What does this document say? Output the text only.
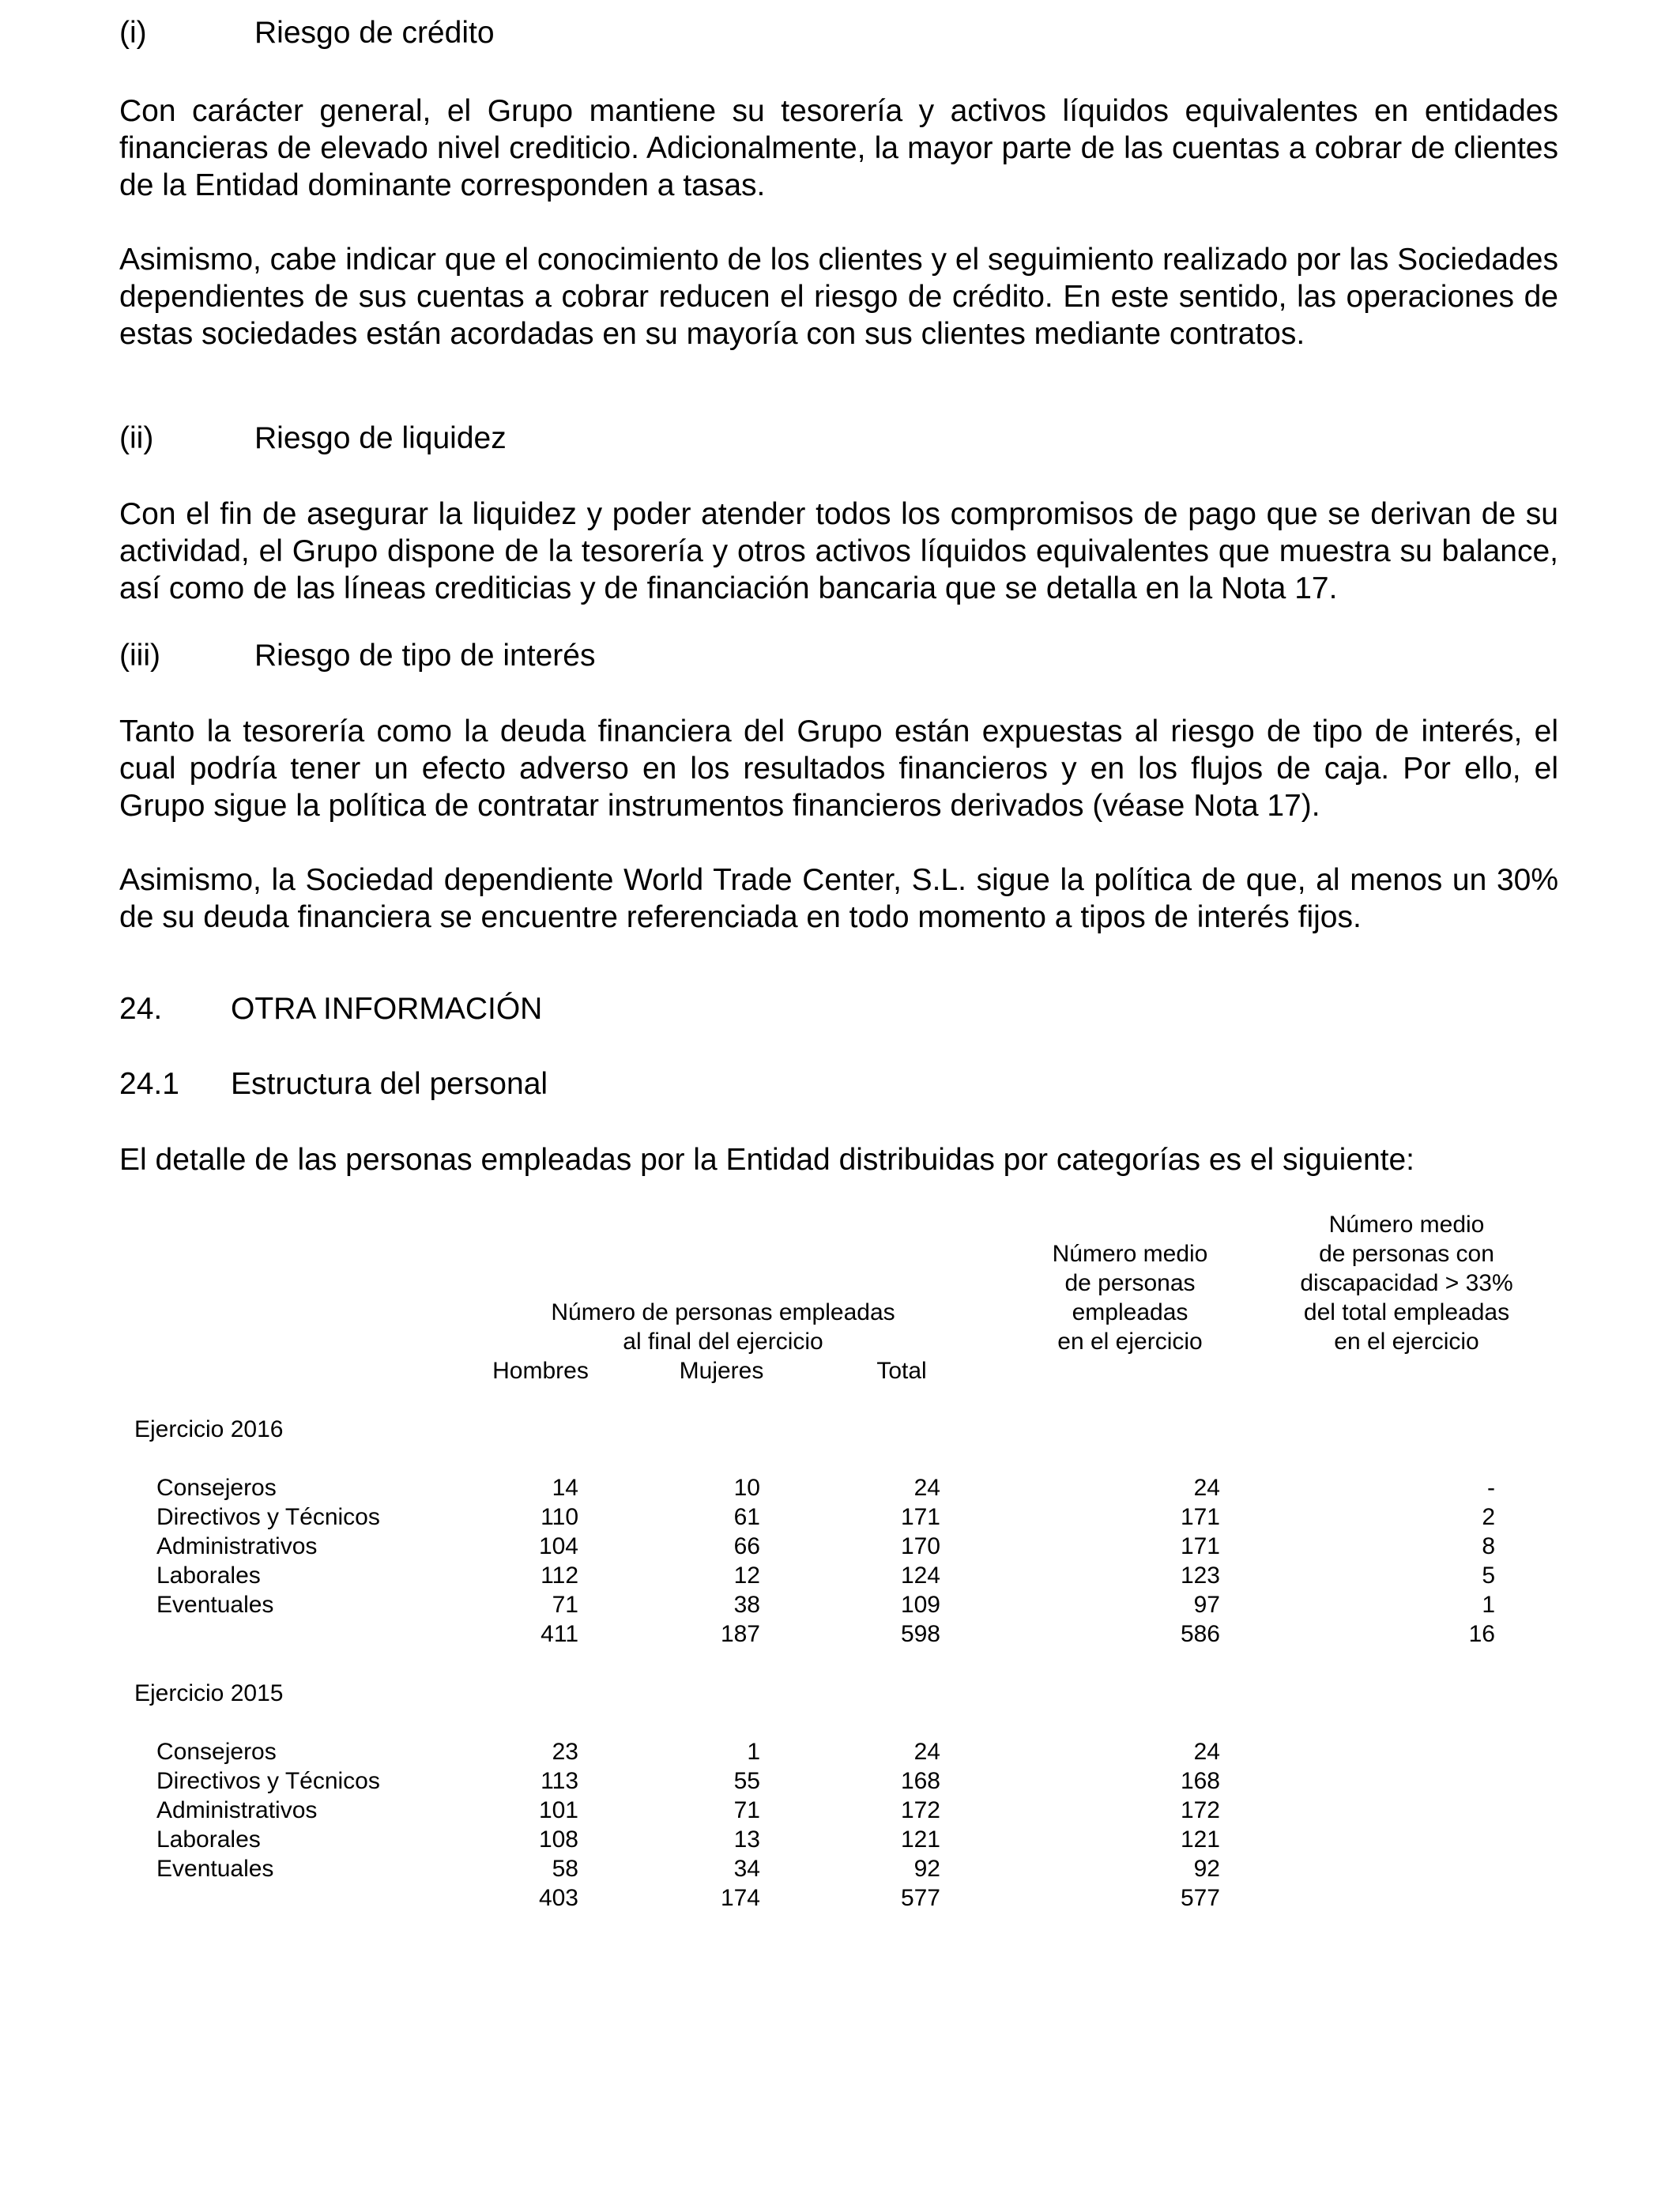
(i)	Riesgo de crédito
Con carácter general, el Grupo mantiene su tesorería y activos líquidos equivalentes en entidades financieras de elevado nivel crediticio. Adicionalmente, la mayor parte de las cuentas a cobrar de clientes de la Entidad dominante corresponden a tasas.
Asimismo, cabe indicar que el conocimiento de los clientes y el seguimiento realizado por las Sociedades dependientes de sus cuentas a cobrar reducen el riesgo de crédito. En este sentido, las operaciones de estas sociedades están acordadas en su mayoría con sus clientes mediante contratos.
(ii)	Riesgo de liquidez
Con el fin de asegurar la liquidez y poder atender todos los compromisos de pago que se derivan de su actividad, el Grupo dispone de la tesorería y otros activos líquidos equivalentes que muestra su balance, así como de las líneas crediticias y de financiación bancaria que se detalla en la Nota 17.
(iii)	Riesgo de tipo de interés
Tanto la tesorería como la deuda financiera del Grupo están expuestas al riesgo de tipo de interés, el cual podría tener un efecto adverso en los resultados financieros y en los flujos de caja. Por ello, el Grupo sigue la política de contratar instrumentos financieros derivados (véase Nota 17).
Asimismo, la Sociedad dependiente World Trade Center, S.L. sigue la política de que, al menos un 30% de su deuda financiera se encuentre referenciada en todo momento a tipos de interés fijos.
24. OTRA INFORMACIÓN
24.1 Estructura del personal
El detalle de las personas empleadas por la Entidad distribuidas por categorías es el siguiente:
Número de personas empleadas
al final del ejercicio
Hombres	Mujeres	Total
Número medio
de personas
empleadas
en el ejercicio
Número medio
de personas con
discapacidad > 33%
del total empleadas
en el ejercicio
Ejercicio 2016
Consejeros	14	10	24	24	-
Directivos y Técnicos	110	61	171	171	2
Administrativos	104	66	170	171	8
Laborales	112	12	124	123	5
Eventuales	71	38	109	97	1
411	187	598	586	16
Ejercicio 2015
Consejeros	23	1	24	24
Directivos y Técnicos	113	55	168	168
Administrativos	101	71	172	172
Laborales	108	13	121	121
Eventuales	58	34	92	92
403	174	577	577
